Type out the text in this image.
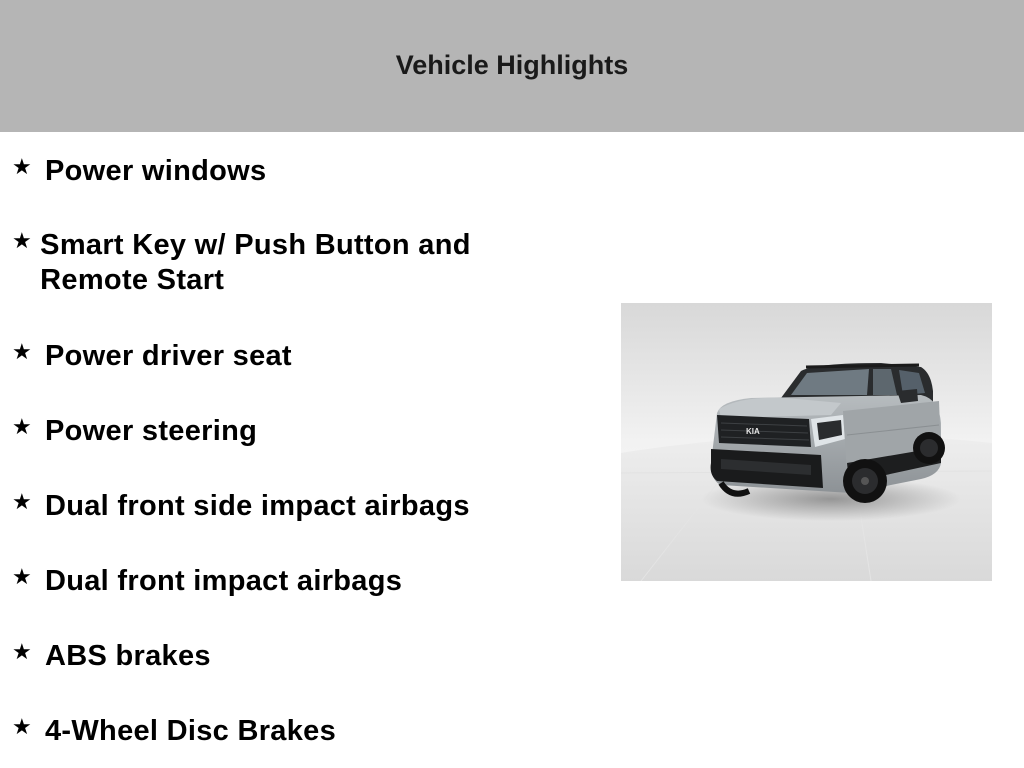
Vehicle Highlights
★ Power windows
★ Smart Key w/ Push Button and Remote Start
★ Power driver seat
★ Power steering
★ Dual front side impact airbags
★ Dual front impact airbags
★ ABS brakes
★ 4-Wheel Disc Brakes
KIA
